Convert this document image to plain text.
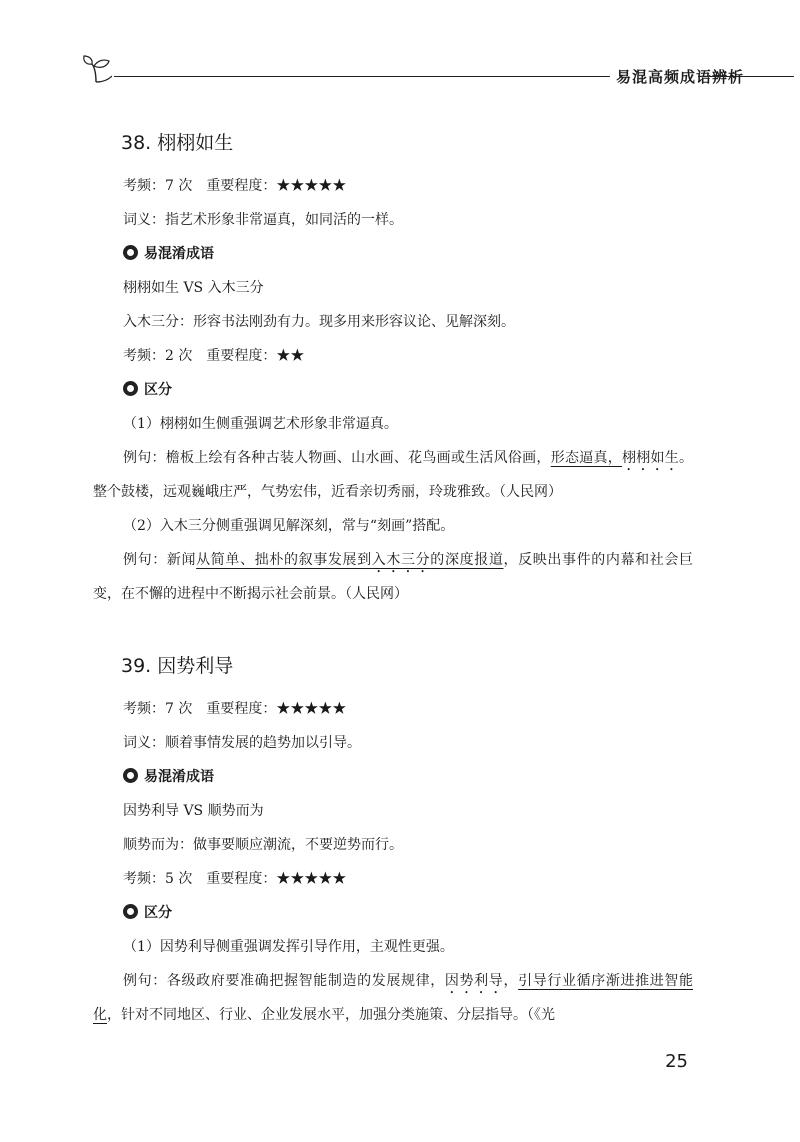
易混高频成语辨析
38. 栩栩如生
考频：7 次　重要程度：★★★★★
词义：指艺术形象非常逼真，如同活的一样。
易混淆成语
栩栩如生 VS 入木三分
入木三分：形容书法刚劲有力。现多用来形容议论、见解深刻。
考频：2 次　重要程度：★★
区分
（1）栩栩如生侧重强调艺术形象非常逼真。
例句：檐板上绘有各种古装人物画、山水画、花鸟画或生活风俗画，形态逼真，栩栩如生。整个鼓楼，远观巍峨庄严，气势宏伟，近看亲切秀丽，玲珑雅致。（人民网）
（2）入木三分侧重强调见解深刻，常与“刻画”搭配。
例句：新闻从简单、拙朴的叙事发展到入木三分的深度报道，反映出事件的内幕和社会巨变，在不懈的进程中不断揭示社会前景。（人民网）
39. 因势利导
考频：7 次　重要程度：★★★★★
词义：顺着事情发展的趋势加以引导。
易混淆成语
因势利导 VS 顺势而为
顺势而为：做事要顺应潮流，不要逆势而行。
考频：5 次　重要程度：★★★★★
区分
（1）因势利导侧重强调发挥引导作用，主观性更强。
例句：各级政府要准确把握智能制造的发展规律，因势利导，引导行业循序渐进推进智能化，针对不同地区、行业、企业发展水平，加强分类施策、分层指导。（《光
25
